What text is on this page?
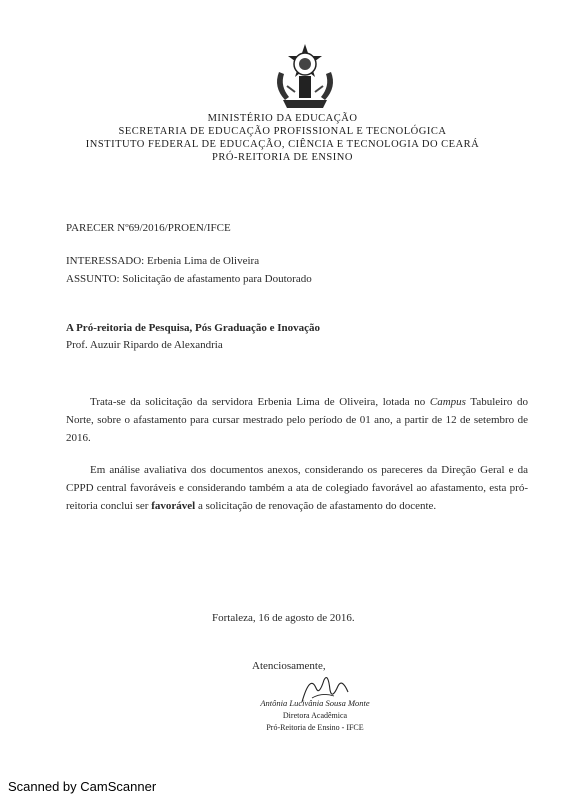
MINISTÉRIO DA EDUCAÇÃO
SECRETARIA DE EDUCAÇÃO PROFISSIONAL E TECNOLÓGICA
INSTITUTO FEDERAL DE EDUCAÇÃO, CIÊNCIA E TECNOLOGIA DO CEARÁ
PRÓ-REITORIA DE ENSINO
PARECER Nº69/2016/PROEN/IFCE
INTERESSADO: Erbenia Lima de Oliveira
ASSUNTO: Solicitação de afastamento para Doutorado
A Pró-reitoria de Pesquisa, Pós Graduação e Inovação
Prof. Auzuir Ripardo de Alexandria
Trata-se da solicitação da servidora Erbenia Lima de Oliveira, lotada no Campus Tabuleiro do Norte, sobre o afastamento para cursar mestrado pelo período de 01 ano, a partir de 12 de setembro de 2016.
Em análise avaliativa dos documentos anexos, considerando os pareceres da Direção Geral e da CPPD central favoráveis e considerando também a ata de colegiado favorável ao afastamento, esta pró-reitoria conclui ser favorável a solicitação de renovação de afastamento do docente.
Fortaleza, 16 de agosto de 2016.
Atenciosamente,
Antônia Lucivânia Sousa Monte
Diretora Acadêmica
Pró-Reitoria de Ensino - IFCE
Scanned by CamScanner
